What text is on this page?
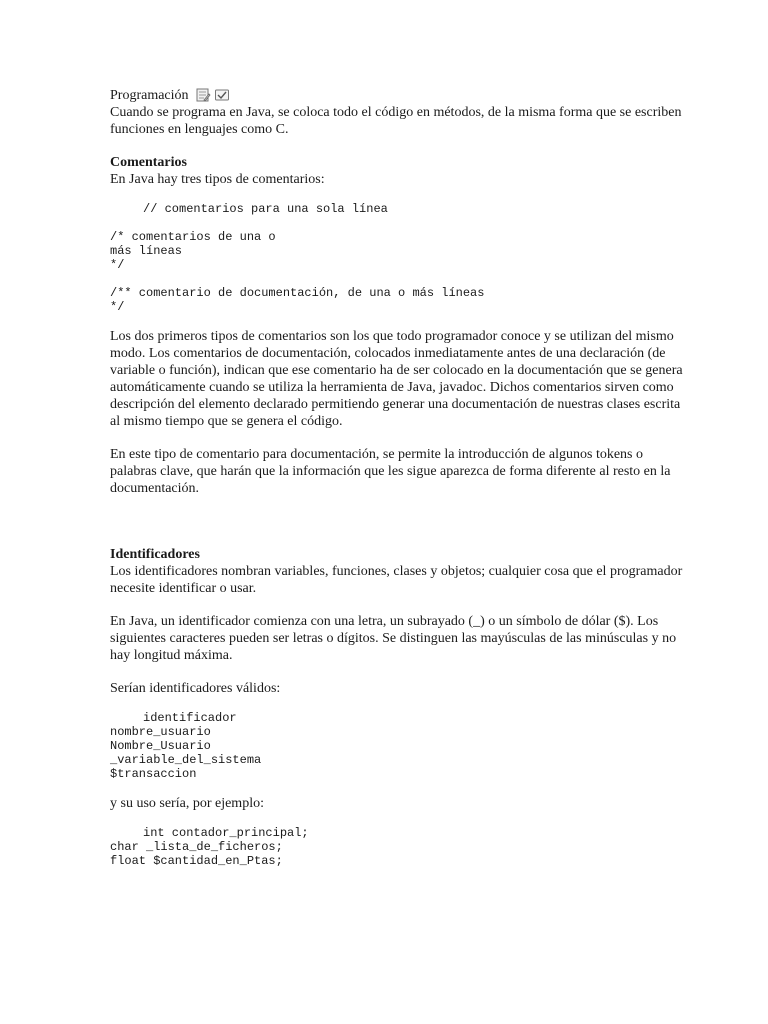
Programación

Cuando se programa en Java, se coloca todo el código en métodos, de la misma forma que se escriben funciones en lenguajes como C.

Comentarios

En Java hay tres tipos de comentarios:

// comentarios para una sola línea
/* comentarios de una o
más líneas
*/
/** comentario de documentación, de una o más líneas
*/

Los dos primeros tipos de comentarios son los que todo programador conoce y se utilizan del mismo modo. Los comentarios de documentación, colocados inmediatamente antes de una declaración (de variable o función), indican que ese comentario ha de ser colocado en la documentación que se genera automáticamente cuando se utiliza la herramienta de Java, javadoc. Dichos comentarios sirven como descripción del elemento declarado permitiendo generar una documentación de nuestras clases escrita al mismo tiempo que se genera el código.

En este tipo de comentario para documentación, se permite la introducción de algunos tokens o palabras clave, que harán que la información que les sigue aparezca de forma diferente al resto en la documentación.

Identificadores

Los identificadores nombran variables, funciones, clases y objetos; cualquier cosa que el programador necesite identificar o usar.

En Java, un identificador comienza con una letra, un subrayado (_) o un símbolo de dólar ($). Los siguientes caracteres pueden ser letras o dígitos. Se distinguen las mayúsculas de las minúsculas y no hay longitud máxima.

Serían identificadores válidos:

identificador
nombre_usuario
Nombre_Usuario
_variable_del_sistema
$transaccion

y su uso sería, por ejemplo:

int contador_principal;
char _lista_de_ficheros;
float $cantidad_en_Ptas;
